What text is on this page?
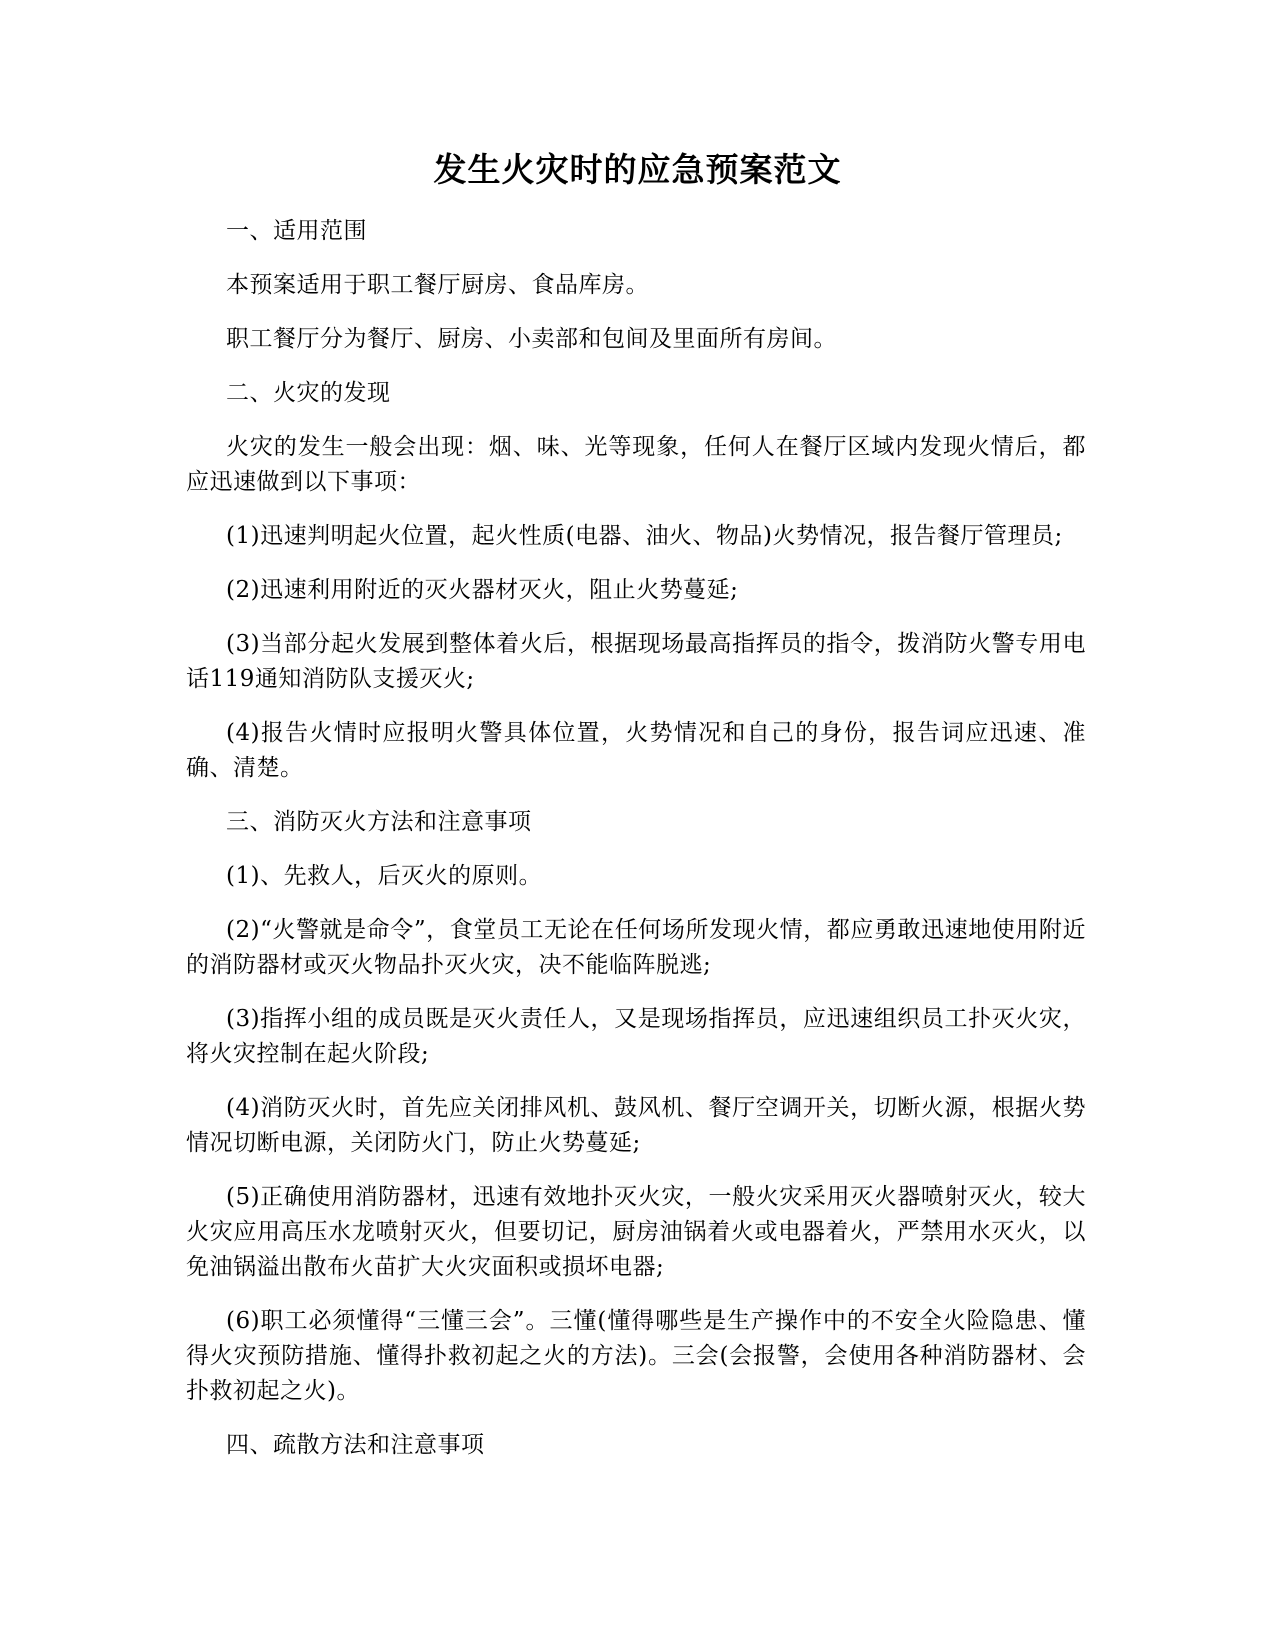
发生火灾时的应急预案范文

一、适用范围

本预案适用于职工餐厅厨房、食品库房。

职工餐厅分为餐厅、厨房、小卖部和包间及里面所有房间。

二、火灾的发现

火灾的发生一般会出现：烟、味、光等现象，任何人在餐厅区域内发现火情后，都应迅速做到以下事项：

(1)迅速判明起火位置，起火性质(电器、油火、物品)火势情况，报告餐厅管理员;

(2)迅速利用附近的灭火器材灭火，阻止火势蔓延;

(3)当部分起火发展到整体着火后，根据现场最高指挥员的指令，拨消防火警专用电话119通知消防队支援灭火;

(4)报告火情时应报明火警具体位置，火势情况和自己的身份，报告词应迅速、准确、清楚。

三、消防灭火方法和注意事项

(1)、先救人，后灭火的原则。

(2)“火警就是命令”，食堂员工无论在任何场所发现火情，都应勇敢迅速地使用附近的消防器材或灭火物品扑灭火灾，决不能临阵脱逃;

(3)指挥小组的成员既是灭火责任人，又是现场指挥员，应迅速组织员工扑灭火灾，将火灾控制在起火阶段;

(4)消防灭火时，首先应关闭排风机、鼓风机、餐厅空调开关，切断火源，根据火势情况切断电源，关闭防火门，防止火势蔓延;

(5)正确使用消防器材，迅速有效地扑灭火灾，一般火灾采用灭火器喷射灭火，较大火灾应用高压水龙喷射灭火，但要切记，厨房油锅着火或电器着火，严禁用水灭火，以免油锅溢出散布火苗扩大火灾面积或损坏电器;

(6)职工必须懂得“三懂三会”。三懂(懂得哪些是生产操作中的不安全火险隐患、懂得火灾预防措施、懂得扑救初起之火的方法)。三会(会报警，会使用各种消防器材、会扑救初起之火)。

四、疏散方法和注意事项
